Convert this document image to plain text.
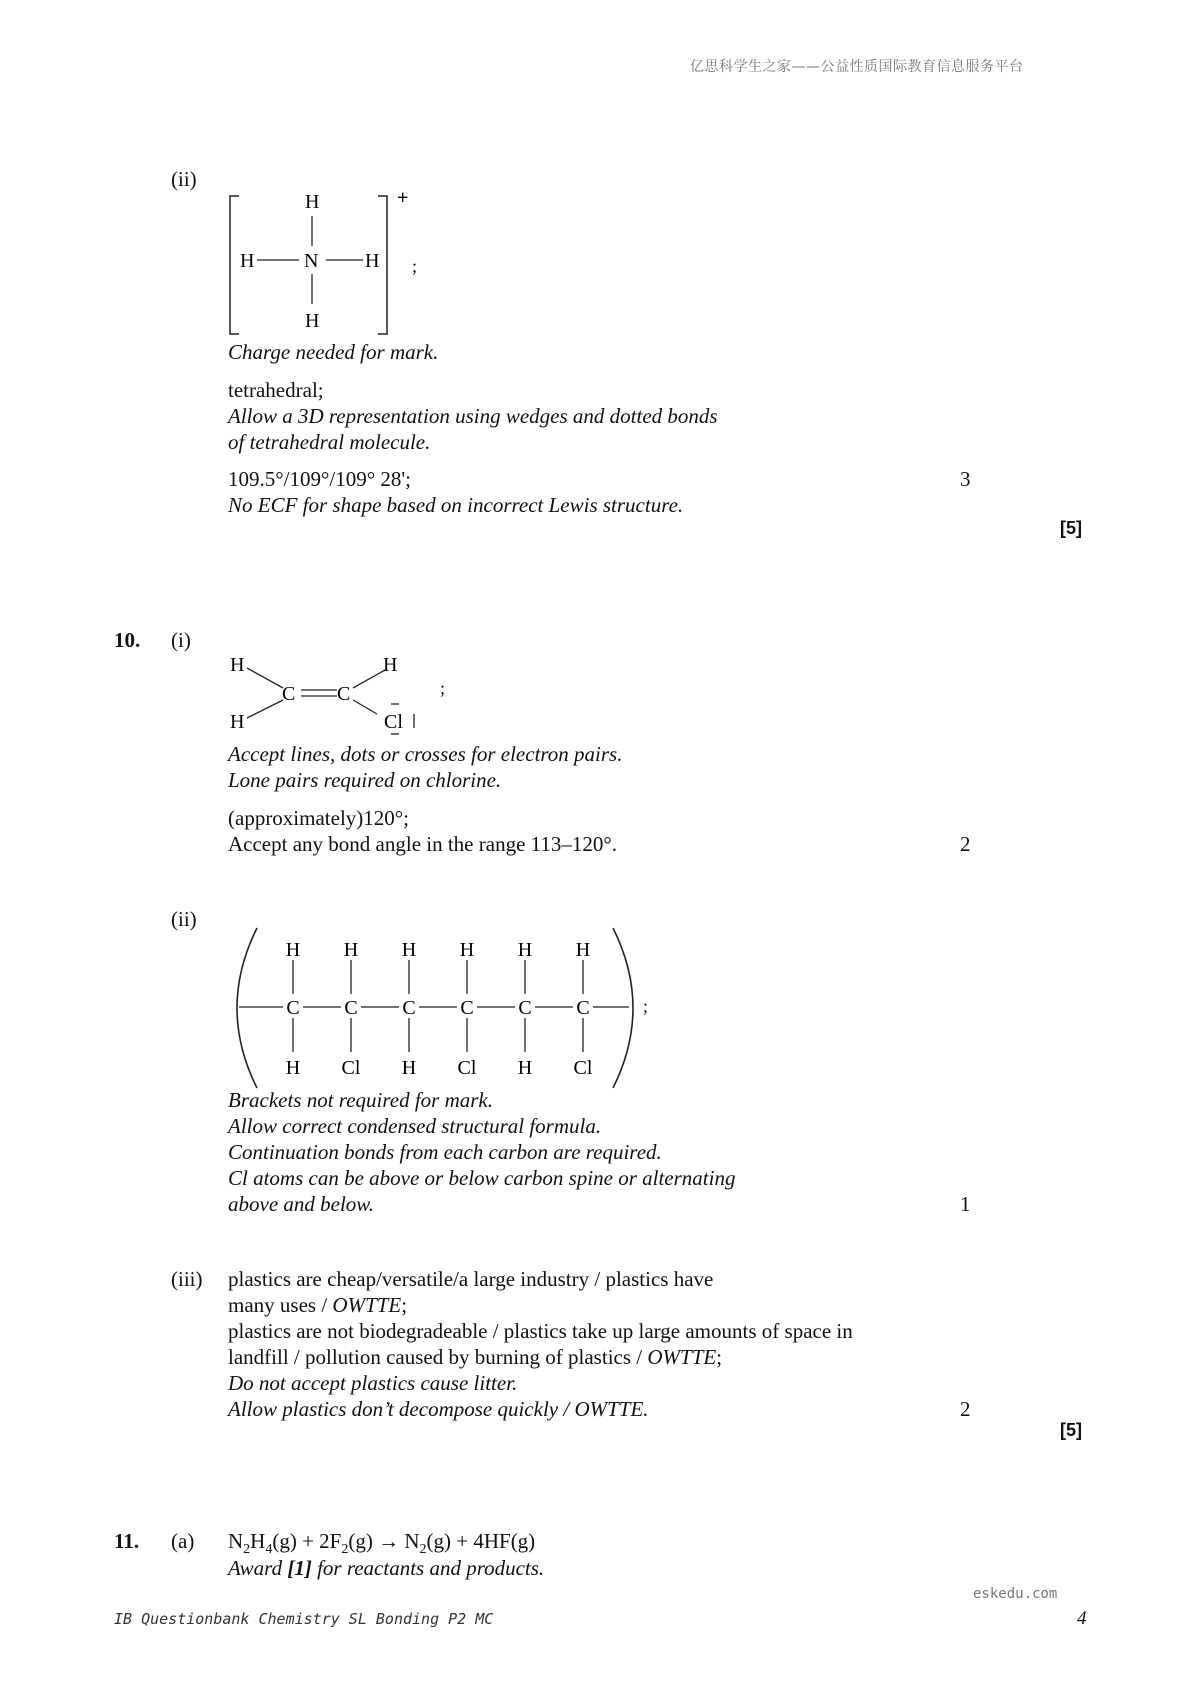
亿思科学生之家——公益性质国际教育信息服务平台
(ii)
H
N
H	H
H
+
;
Charge needed for mark.
tetrahedral;
Allow a 3D representation using wedges and dotted bonds
of tetrahedral molecule.
109.5°/109°/109° 28';	3
No ECF for shape based on incorrect Lewis structure.
[5]
10. (i)
H
H
C C
H
Cl
;
Accept lines, dots or crosses for electron pairs.
Lone pairs required on chlorine.
(approximately)120°;
Accept any bond angle in the range 113–120°.	2
(ii)
H
C
H
H
C
Cl
H
C
H
H
C
Cl
H
C
H
H
C
Cl
;
Brackets not required for mark.
Allow correct condensed structural formula.
Continuation bonds from each carbon are required.
Cl atoms can be above or below carbon spine or alternating
above and below.	1
(iii) plastics are cheap/versatile/a large industry / plastics have
many uses / OWTTE;
plastics are not biodegradeable / plastics take up large amounts of space in
landfill / pollution caused by burning of plastics / OWTTE;
Do not accept plastics cause litter.
Allow plastics don’t decompose quickly / OWTTE.	2
[5]
11. (a) $N_2H_4(g) + 2F_2(g) \to N_2(g) + 4HF(g)$
Award [1] for reactants and products.
eskedu.com
IB Questionbank Chemistry SL Bonding P2 MC	4
